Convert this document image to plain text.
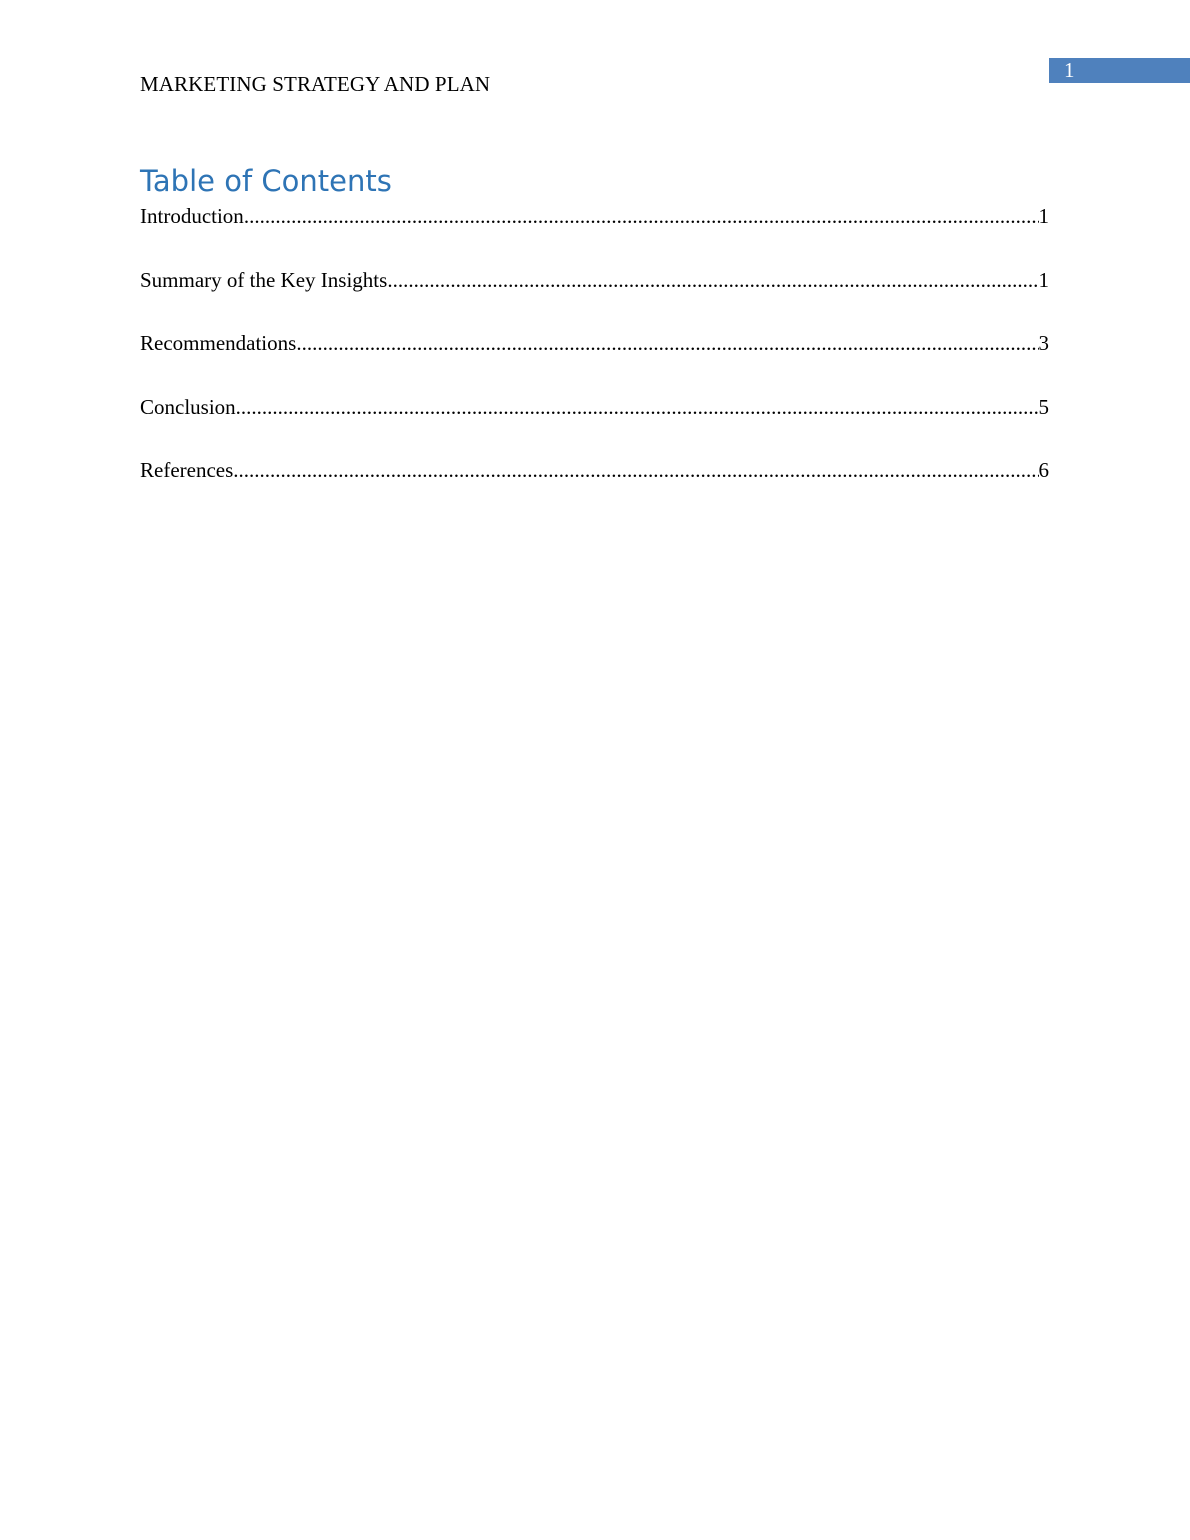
1
MARKETING STRATEGY AND PLAN
Table of Contents
Introduction .....	1
Summary of the Key Insights .....	1
Recommendations .....	3
Conclusion .....	5
References .....	6
